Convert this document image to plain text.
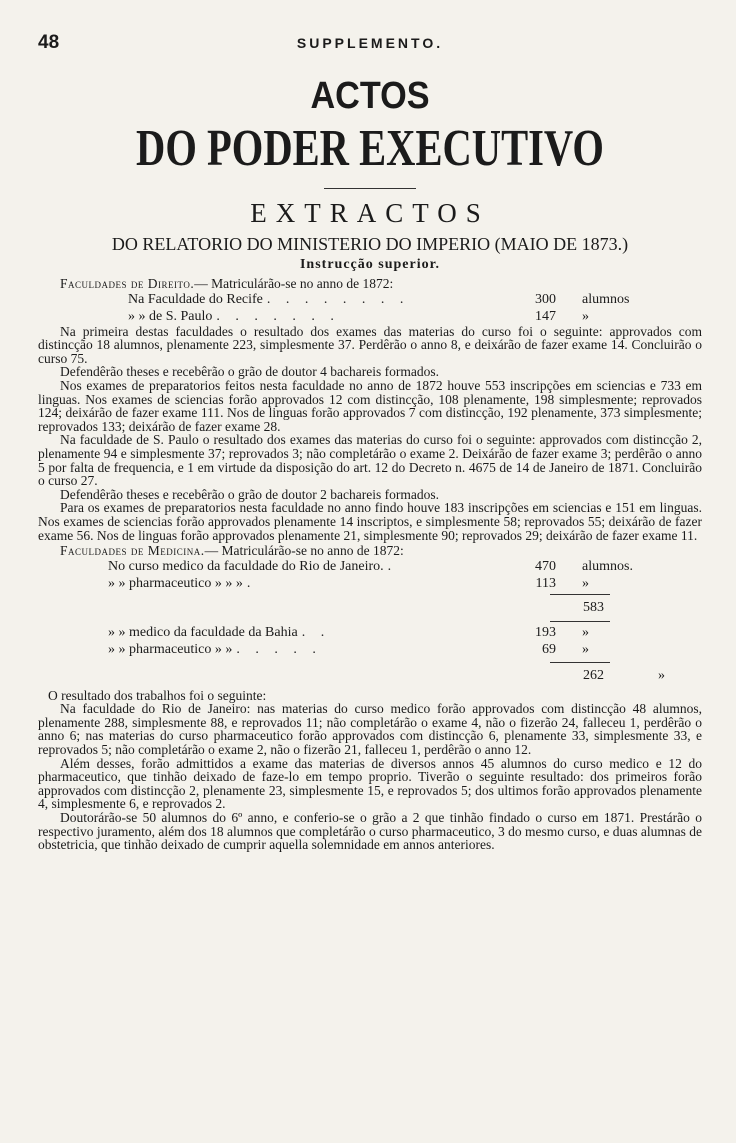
48	SUPPLEMENTO.
ACTOS
DO PODER EXECUTIVO
EXTRACTOS
DO RELATORIO DO MINISTERIO DO IMPERIO (MAIO DE 1873.)
Instrucção superior.

Faculdades de Direito.— Matriculárão-se no anno de 1872:

Na Faculdade do Recife . . . . . . . .	300	alumnos
» » de S. Paulo . . . . . . .	147	»

Na primeira destas faculdades o resultado dos exames das materias do curso foi o seguinte: approvados com distincção 18 alumnos, plenamente 223, simplesmente 37. Perdêrão o anno 8, e deixárão de fazer exame 14. Concluirão o curso 75.

Defendêrão theses e recebêrão o grão de doutor 4 bachareis formados.

Nos exames de preparatorios feitos nesta faculdade no anno de 1872 houve 553 inscripções em sciencias e 733 em linguas. Nos exames de sciencias forão approvados 12 com distincção, 108 plenamente, 198 simplesmente; reprovados 124; deixárão de fazer exame 111. Nos de linguas forão approvados 7 com distincção, 192 plenamente, 373 simplesmente; reprovados 133; deixárão de fazer exame 28.

Na faculdade de S. Paulo o resultado dos exames das materias do curso foi o seguinte: approvados com distincção 2, plenamente 94 e simplesmente 37; reprovados 3; não completárão o exame 2. Deixárão de fazer exame 3; perdêrão o anno 5 por falta de frequencia, e 1 em virtude da disposição do art. 12 do Decreto n. 4675 de 14 de Janeiro de 1871. Concluirão o curso 27.

Defendêrão theses e recebêrão o grão de doutor 2 bachareis formados.

Para os exames de preparatorios nesta faculdade no anno findo houve 183 inscripções em sciencias e 151 em linguas. Nos exames de sciencias forão approvados plenamente 14 inscriptos, e simplesmente 58; reprovados 55; deixárão de fazer exame 56. Nos de linguas forão approvados plenamente 21, simplesmente 90; reprovados 29; deixárão de fazer exame 11.

Faculdades de Medicina.— Matriculárão-se no anno de 1872:

No curso medico da faculdade do Rio de Janeiro. .	470	alumnos.
» » pharmaceutico » » » .	113	»
583
» » medico da faculdade da Bahia . .	193	»
» » pharmaceutico » » . . . . .	69	»
262	»

O resultado dos trabalhos foi o seguinte:

Na faculdade do Rio de Janeiro: nas materias do curso medico forão approvados com distincção 48 alumnos, plenamente 288, simplesmente 88, e reprovados 11; não completárão o exame 4, não o fizerão 24, falleceu 1, perdêrão o anno 6; nas materias do curso pharmaceutico forão approvados com distincção 6, plenamente 33, simplesmente 33, e reprovados 5; não completárão o exame 2, não o fizerão 21, falleceu 1, perdêrão o anno 12.

Além desses, forão admittidos a exame das materias de diversos annos 45 alumnos do curso medico e 12 do pharmaceutico, que tinhão deixado de faze-lo em tempo proprio. Tiverão o seguinte resultado: dos primeiros forão approvados com distincção 2, plenamente 23, simplesmente 15, e reprovados 5; dos ultimos forão approvados plenamente 4, simplesmente 6, e reprovados 2.

Doutorárão-se 50 alumnos do 6º anno, e conferio-se o grão a 2 que tinhão findado o curso em 1871. Prestárão o respectivo juramento, além dos 18 alumnos que completárão o curso pharmaceutico, 3 do mesmo curso, e duas alumnas de obstetricia, que tinhão deixado de cumprir aquella solemnidade em annos anteriores.
